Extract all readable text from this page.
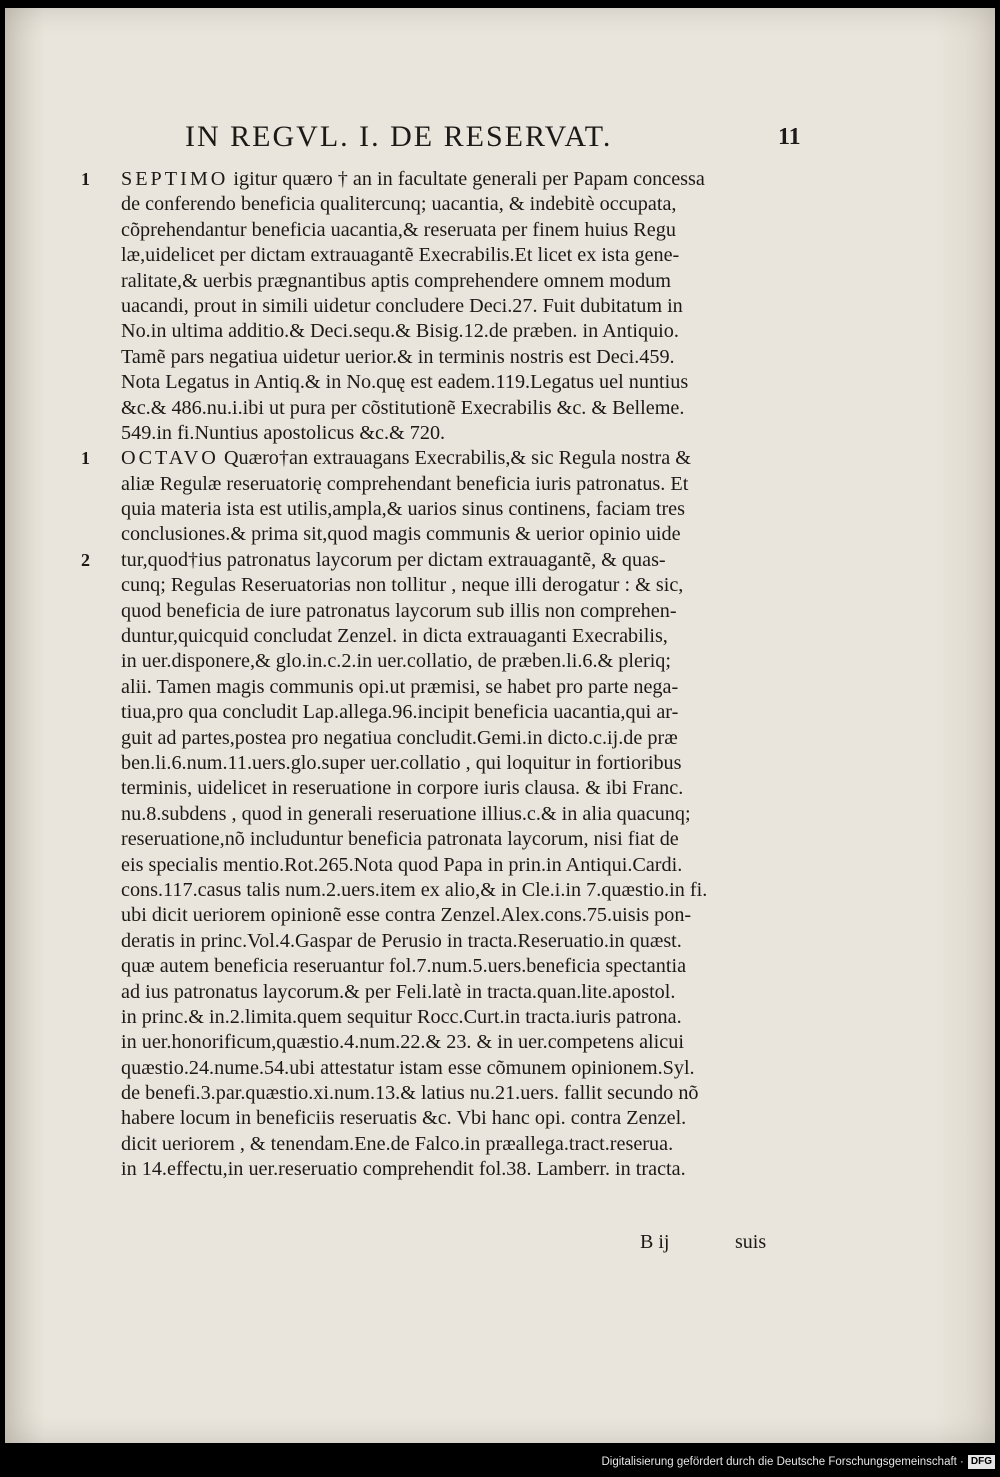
IN REGVL. I. DE RESERVAT.	11
1	SEPTIMO igitur quæro † an in facultate generali per Papam concessa
de conferendo beneficia qualitercunq; uacantia, & indebitè occupata,
cõprehendantur beneficia uacantia,& reseruata per finem huius Regu
læ,uidelicet per dictam extrauagantẽ Execrabilis.Et licet ex ista gene-
ralitate,& uerbis prægnantibus aptis comprehendere omnem modum
uacandi, prout in simili uidetur concludere Deci.27. Fuit dubitatum in
No.in ultima additio.& Deci.sequ.& Bisig.12.de præben. in Antiquio.
Tamẽ pars negatiua uidetur uerior.& in terminis nostris est Deci.459.
Nota Legatus in Antiq.& in No.quę est eadem.119.Legatus uel nuntius
&c.& 486.nu.i.ibi ut pura per cõstitutionẽ Execrabilis &c. & Belleme.
549.in fi.Nuntius apostolicus &c.& 720.
1	OCTAVO Quæro†an extrauagans Execrabilis,& sic Regula nostra &
aliæ Regulæ reseruatorię comprehendant beneficia iuris patronatus. Et
quia materia ista est utilis,ampla,& uarios sinus continens, faciam tres
conclusiones.& prima sit,quod magis communis & uerior opinio uide
2	tur,quod†ius patronatus laycorum per dictam extrauagantẽ, & quas-
cunq; Regulas Reseruatorias non tollitur , neque illi derogatur : & sic,
quod beneficia de iure patronatus laycorum sub illis non comprehen-
duntur,quicquid concludat Zenzel. in dicta extrauaganti Execrabilis,
in uer.disponere,& glo.in.c.2.in uer.collatio, de præben.li.6.& pleriq;
alii. Tamen magis communis opi.ut præmisi, se habet pro parte nega-
tiua,pro qua concludit Lap.allega.96.incipit beneficia uacantia,qui ar-
guit ad partes,postea pro negatiua concludit.Gemi.in dicto.c.ij.de præ
ben.li.6.num.11.uers.glo.super uer.collatio , qui loquitur in fortioribus
terminis, uidelicet in reseruatione in corpore iuris clausa. & ibi Franc.
nu.8.subdens , quod in generali reseruatione illius.c.& in alia quacunq;
reseruatione,nõ includuntur beneficia patronata laycorum, nisi fiat de
eis specialis mentio.Rot.265.Nota quod Papa in prin.in Antiqui.Cardi.
cons.117.casus talis num.2.uers.item ex alio,& in Cle.i.in 7.quæstio.in fi.
ubi dicit ueriorem opinionẽ esse contra Zenzel.Alex.cons.75.uisis pon-
deratis in princ.Vol.4.Gaspar de Perusio in tracta.Reseruatio.in quæst.
quæ autem beneficia reseruantur fol.7.num.5.uers.beneficia spectantia
ad ius patronatus laycorum.& per Feli.latè in tracta.quan.lite.apostol.
in princ.& in.2.limita.quem sequitur Rocc.Curt.in tracta.iuris patrona.
in uer.honorificum,quæstio.4.num.22.& 23. & in uer.competens alicui
quæstio.24.nume.54.ubi attestatur istam esse cõmunem opinionem.Syl.
de benefi.3.par.quæstio.xi.num.13.& latius nu.21.uers. fallit secundo nõ
habere locum in beneficiis reseruatis &c. Vbi hanc opi. contra Zenzel.
dicit ueriorem , & tenendam.Ene.de Falco.in præallega.tract.reserua.
in 14.effectu,in uer.reseruatio comprehendit fol.38. Lamberr. in tracta.
B ij	suis
Digitalisierung gefördert durch die Deutsche Forschungsgemeinschaft · DFG
